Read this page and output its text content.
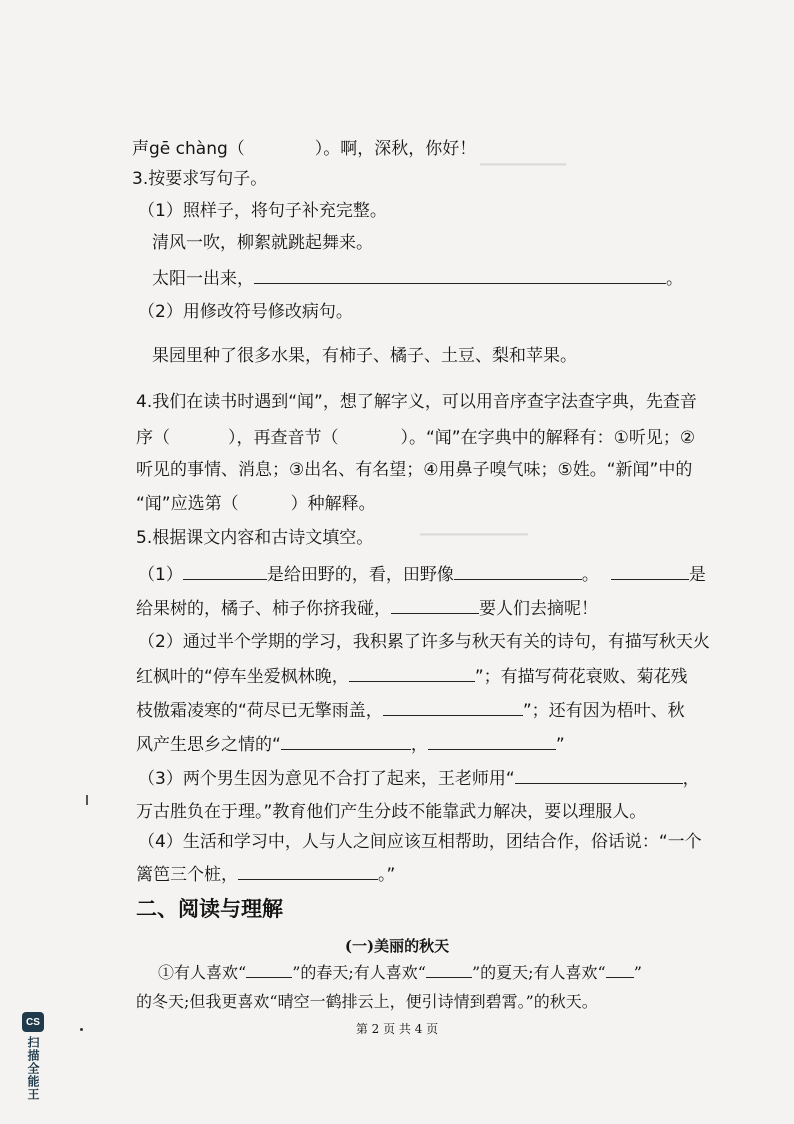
▁▁▁▁▁▁▁▁
▁▁▁▁▁▁▁▁▁▁
声gē chàng（	）。啊，深秋，你好！
3.按要求写句子。
（1）照样子，将句子补充完整。
清风一吹，柳絮就跳起舞来。
太阳一出来，	。
（2）用修改符号修改病句。
果园里种了很多水果，有柿子、橘子、土豆、梨和苹果。
4.我们在读书时遇到“闻”，想了解字义，可以用音序查字法查字典，先查音
序（	），再查音节（	）。“闻”在字典中的解释有：①听见；②
听见的事情、消息；③出名、有名望；④用鼻子嗅气味；⑤姓。“新闻”中的
“闻”应选第（	）种解释。
5.根据课文内容和古诗文填空。
（1）	是给田野的，看，田野像	。	是
给果树的，橘子、柿子你挤我碰，	要人们去摘呢！
（2）通过半个学期的学习，我积累了许多与秋天有关的诗句，有描写秋天火
红枫叶的“停车坐爱枫林晚，	”；有描写荷花衰败、菊花残
枝傲霜凌寒的“荷尽已无擎雨盖，	”；还有因为梧叶、秋
风产生思乡之情的“	，	”
（3）两个男生因为意见不合打了起来，王老师用“	，
万古胜负在于理。”教育他们产生分歧不能靠武力解决，要以理服人。
（4）生活和学习中，人与人之间应该互相帮助，团结合作，俗话说：“一个
篱笆三个桩，	。”
二、阅读与理解
(一)美丽的秋天
①有人喜欢“	”的春天;有人喜欢“	”的夏天;有人喜欢“ ”
的冬天;但我更喜欢“晴空一鹤排云上，便引诗情到碧霄。”的秋天。
第 2 页 共 4 页
CS
扫描全能王
